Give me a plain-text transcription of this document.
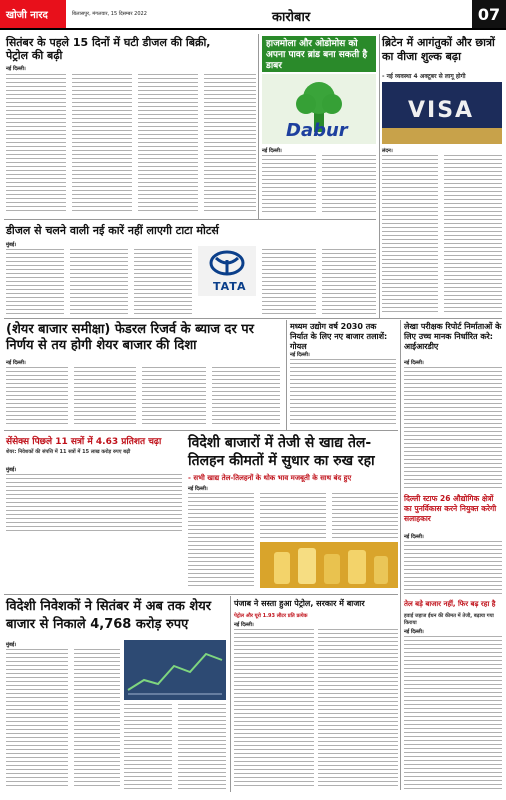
खोजी नारद	बिलासपुर, मंगलवार, 15 दिसम्बर 2022	कारोबार	07
सितंबर के पहले 15 दिनों में घटी डीजल की बिक्री, पेट्रोल की बढ़ी
नई दिल्ली।
हाजमोला और ओडोमोस को अपना पावर ब्रांड बना सकती है डाबर
Dabur
नई दिल्ली।
ब्रिटेन में आगंतुकों और छात्रों का वीजा शुल्क बढ़ा
- नई व्यवस्था 4 अक्टूबर से लागू होगी
VISA
लंदन।
डीजल से चलने वाली नई कारें नहीं लाएगी टाटा मोटर्स
मुंबई।
TATA
(शेयर बाजार समीक्षा) फेडरल रिजर्व के ब्याज दर पर निर्णय से तय होगी शेयर बाजार की दिशा
नई दिल्ली।
मध्यम उद्योग वर्ष 2030 तक निर्यात के लिए नए बाजार तलाशें: गोयल
नई दिल्ली।
लेखा परीक्षक रिपोर्ट निर्माताओं के लिए उच्च मानक निर्धारित करे: आईआरडीए
नई दिल्ली।
सेंसेक्स पिछले 11 सत्रों में 4.63 प्रतिशत चढ़ा
शेयर: निवेशकों की संपत्ति में 11 सत्रों में 15 लाख करोड़ रुपए बढ़ी
मुंबई।
विदेशी बाजारों में तेजी से खाद्य तेल-तिलहन कीमतों में सुधार का रुख रहा
- सभी खाद्य तेल-तिलहनों के थोक भाव मजबूती के साथ बंद हुए
नई दिल्ली।
दिल्ली स्टाफ 26 औद्योगिक क्षेत्रों का पुनर्विकास करने नियुक्त करेगी सलाहकार
नई दिल्ली।
विदेशी निवेशकों ने सितंबर में अब तक शेयर बाजार से निकाले 4,768 करोड़ रुपए
मुंबई।
पंजाब ने सस्ता हुआ पेट्रोल, सरकार में बाजार
पेट्रोल और यूरो 1.93 लीटर प्रति प्रत्येक
नई दिल्ली।
तेल बड़े बाजार नहीं, फिर बढ़ रहा है
हवाई जहाज ईंधन की कीमत में तेजी, बढ़ाया गया किराया
नई दिल्ली।
